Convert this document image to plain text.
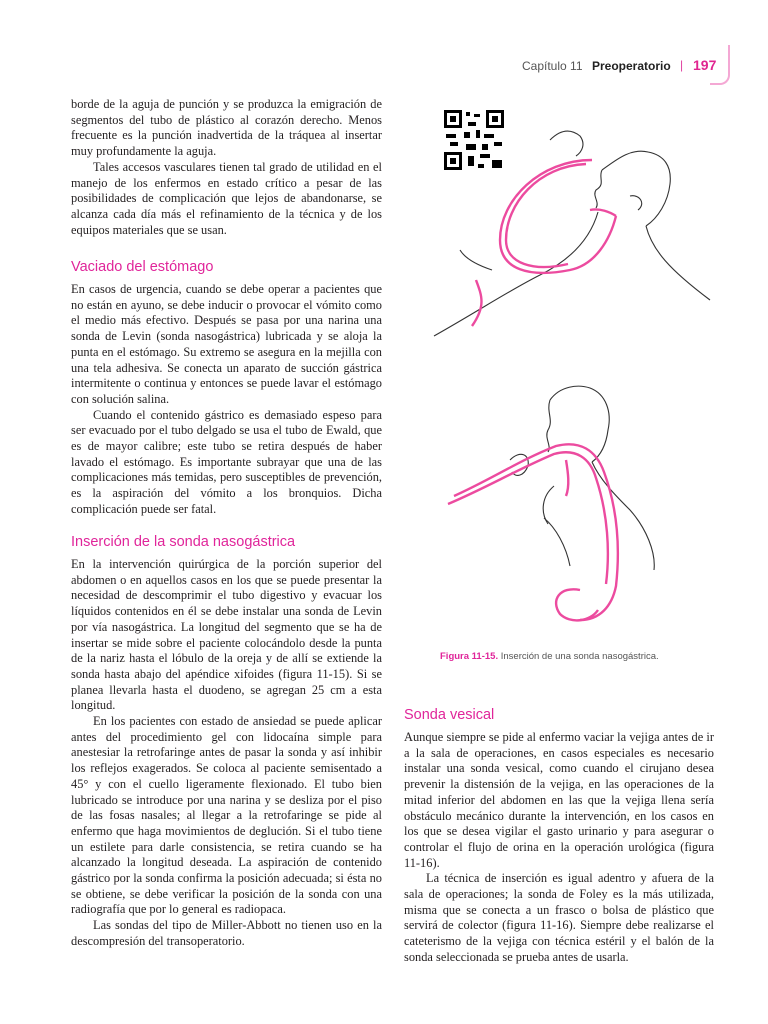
Capítulo 11 Preoperatorio | 197

borde de la aguja de punción y se produzca la emigración de segmentos del tubo de plástico al corazón derecho. Menos frecuente es la punción inadvertida de la tráquea al insertar muy profundamente la aguja.

Tales accesos vasculares tienen tal grado de utilidad en el manejo de los enfermos en estado crítico a pesar de las posibilidades de complicación que lejos de abandonarse, se alcanza cada día más el refinamiento de la técnica y de los equipos materiales que se usan.

Vaciado del estómago

En casos de urgencia, cuando se debe operar a pacientes que no están en ayuno, se debe inducir o provocar el vómito como el medio más efectivo. Después se pasa por una narina una sonda de Levin (sonda nasogástrica) lubricada y se aloja la punta en el estómago. Su extremo se asegura en la mejilla con una tela adhesiva. Se conecta un aparato de succión gástrica intermitente o continua y entonces se puede lavar el estómago con solución salina.

Cuando el contenido gástrico es demasiado espeso para ser evacuado por el tubo delgado se usa el tubo de Ewald, que es de mayor calibre; este tubo se retira después de haber lavado el estómago. Es importante subrayar que una de las complicaciones más temidas, pero susceptibles de prevención, es la aspiración del vómito a los bronquios. Dicha complicación puede ser fatal.

Inserción de la sonda nasogástrica

En la intervención quirúrgica de la porción superior del abdomen o en aquellos casos en los que se puede presentar la necesidad de descomprimir el tubo digestivo y evacuar los líquidos contenidos en él se debe instalar una sonda de Levin por vía nasogástrica. La longitud del segmento que se ha de insertar se mide sobre el paciente colocándolo desde la punta de la nariz hasta el lóbulo de la oreja y de allí se extiende la sonda hasta abajo del apéndice xifoides (figura 11-15). Si se planea llevarla hasta el duodeno, se agregan 25 cm a esta longitud.

En los pacientes con estado de ansiedad se puede aplicar antes del procedimiento gel con lidocaína simple para anestesiar la retrofaringe antes de pasar la sonda y así inhibir los reflejos exagerados. Se coloca al paciente semisentado a 45° y con el cuello ligeramente flexionado. El tubo bien lubricado se introduce por una narina y se desliza por el piso de las fosas nasales; al llegar a la retrofaringe se pide al enfermo que haga movimientos de deglución. Si el tubo tiene un estilete para darle consistencia, se retira cuando se ha alcanzado la longitud deseada. La aspiración de contenido gástrico por la sonda confirma la posición adecuada; si ésta no se obtiene, se debe verificar la posición de la sonda con una radiografía que por lo general es radiopaca.

Las sondas del tipo de Miller-Abbott no tienen uso en la descompresión del transoperatorio.

Figura 11-15. Inserción de una sonda nasogástrica.
Sonda vesical

Aunque siempre se pide al enfermo vaciar la vejiga antes de ir a la sala de operaciones, en casos especiales es necesario instalar una sonda vesical, como cuando el cirujano desea prevenir la distensión de la vejiga, en las operaciones de la mitad inferior del abdomen en las que la vejiga llena sería obstáculo mecánico durante la intervención, en los casos en los que se desea vigilar el gasto urinario y para asegurar o controlar el flujo de orina en la operación urológica (figura 11-16).

La técnica de inserción es igual adentro y afuera de la sala de operaciones; la sonda de Foley es la más utilizada, misma que se conecta a un frasco o bolsa de plástico que servirá de colector (figura 11-16). Siempre debe realizarse el cateterismo de la vejiga con técnica estéril y el balón de la sonda seleccionada se prueba antes de usarla.
